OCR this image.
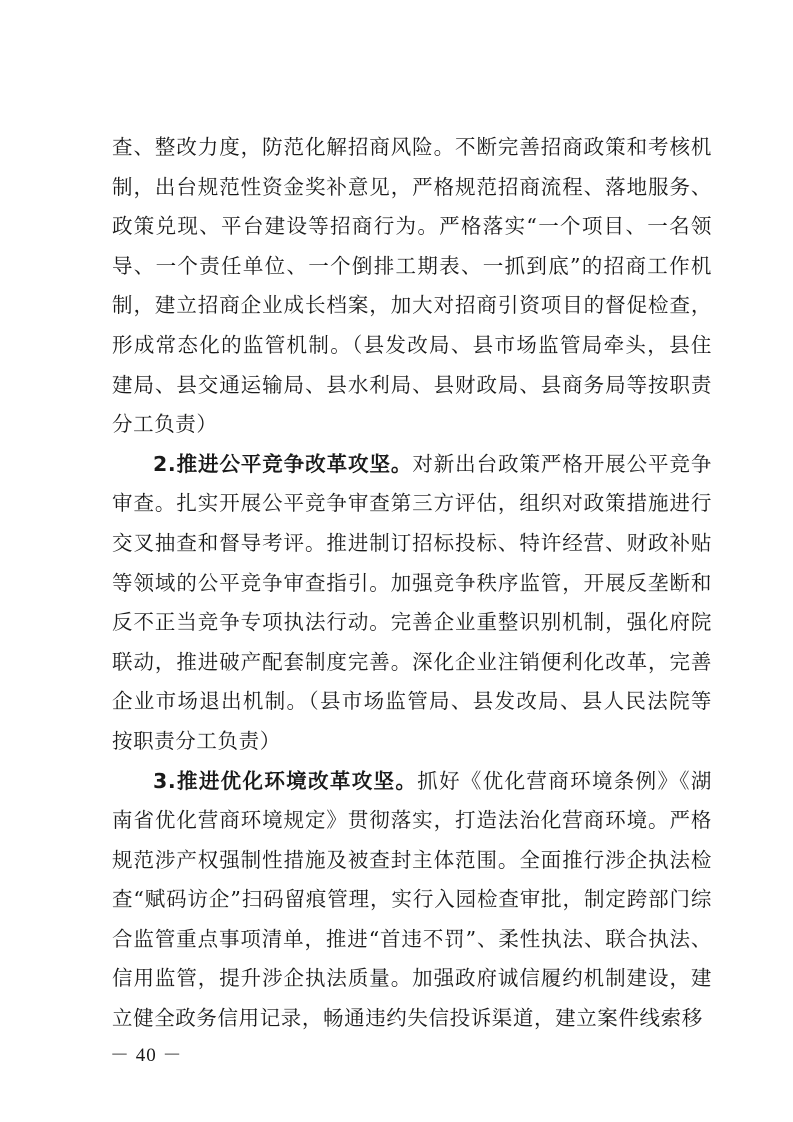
查、整改力度，防范化解招商风险。不断完善招商政策和考核机制，出台规范性资金奖补意见，严格规范招商流程、落地服务、政策兑现、平台建设等招商行为。严格落实“一个项目、一名领导、一个责任单位、一个倒排工期表、一抓到底”的招商工作机制，建立招商企业成长档案，加大对招商引资项目的督促检查，形成常态化的监管机制。（县发改局、县市场监管局牵头，县住建局、县交通运输局、县水利局、县财政局、县商务局等按职责分工负责）

2.推进公平竞争改革攻坚。对新出台政策严格开展公平竞争审查。扎实开展公平竞争审查第三方评估，组织对政策措施进行交叉抽查和督导考评。推进制订招标投标、特许经营、财政补贴等领域的公平竞争审查指引。加强竞争秩序监管，开展反垄断和反不正当竞争专项执法行动。完善企业重整识别机制，强化府院联动，推进破产配套制度完善。深化企业注销便利化改革，完善企业市场退出机制。（县市场监管局、县发改局、县人民法院等按职责分工负责）

3.推进优化环境改革攻坚。抓好《优化营商环境条例》《湖南省优化营商环境规定》贯彻落实，打造法治化营商环境。严格规范涉产权强制性措施及被查封主体范围。全面推行涉企执法检查“赋码访企”扫码留痕管理，实行入园检查审批，制定跨部门综合监管重点事项清单，推进“首违不罚”、柔性执法、联合执法、信用监管，提升涉企执法质量。加强政府诚信履约机制建设，建立健全政务信用记录，畅通违约失信投诉渠道，建立案件线索移

－ 40 －
